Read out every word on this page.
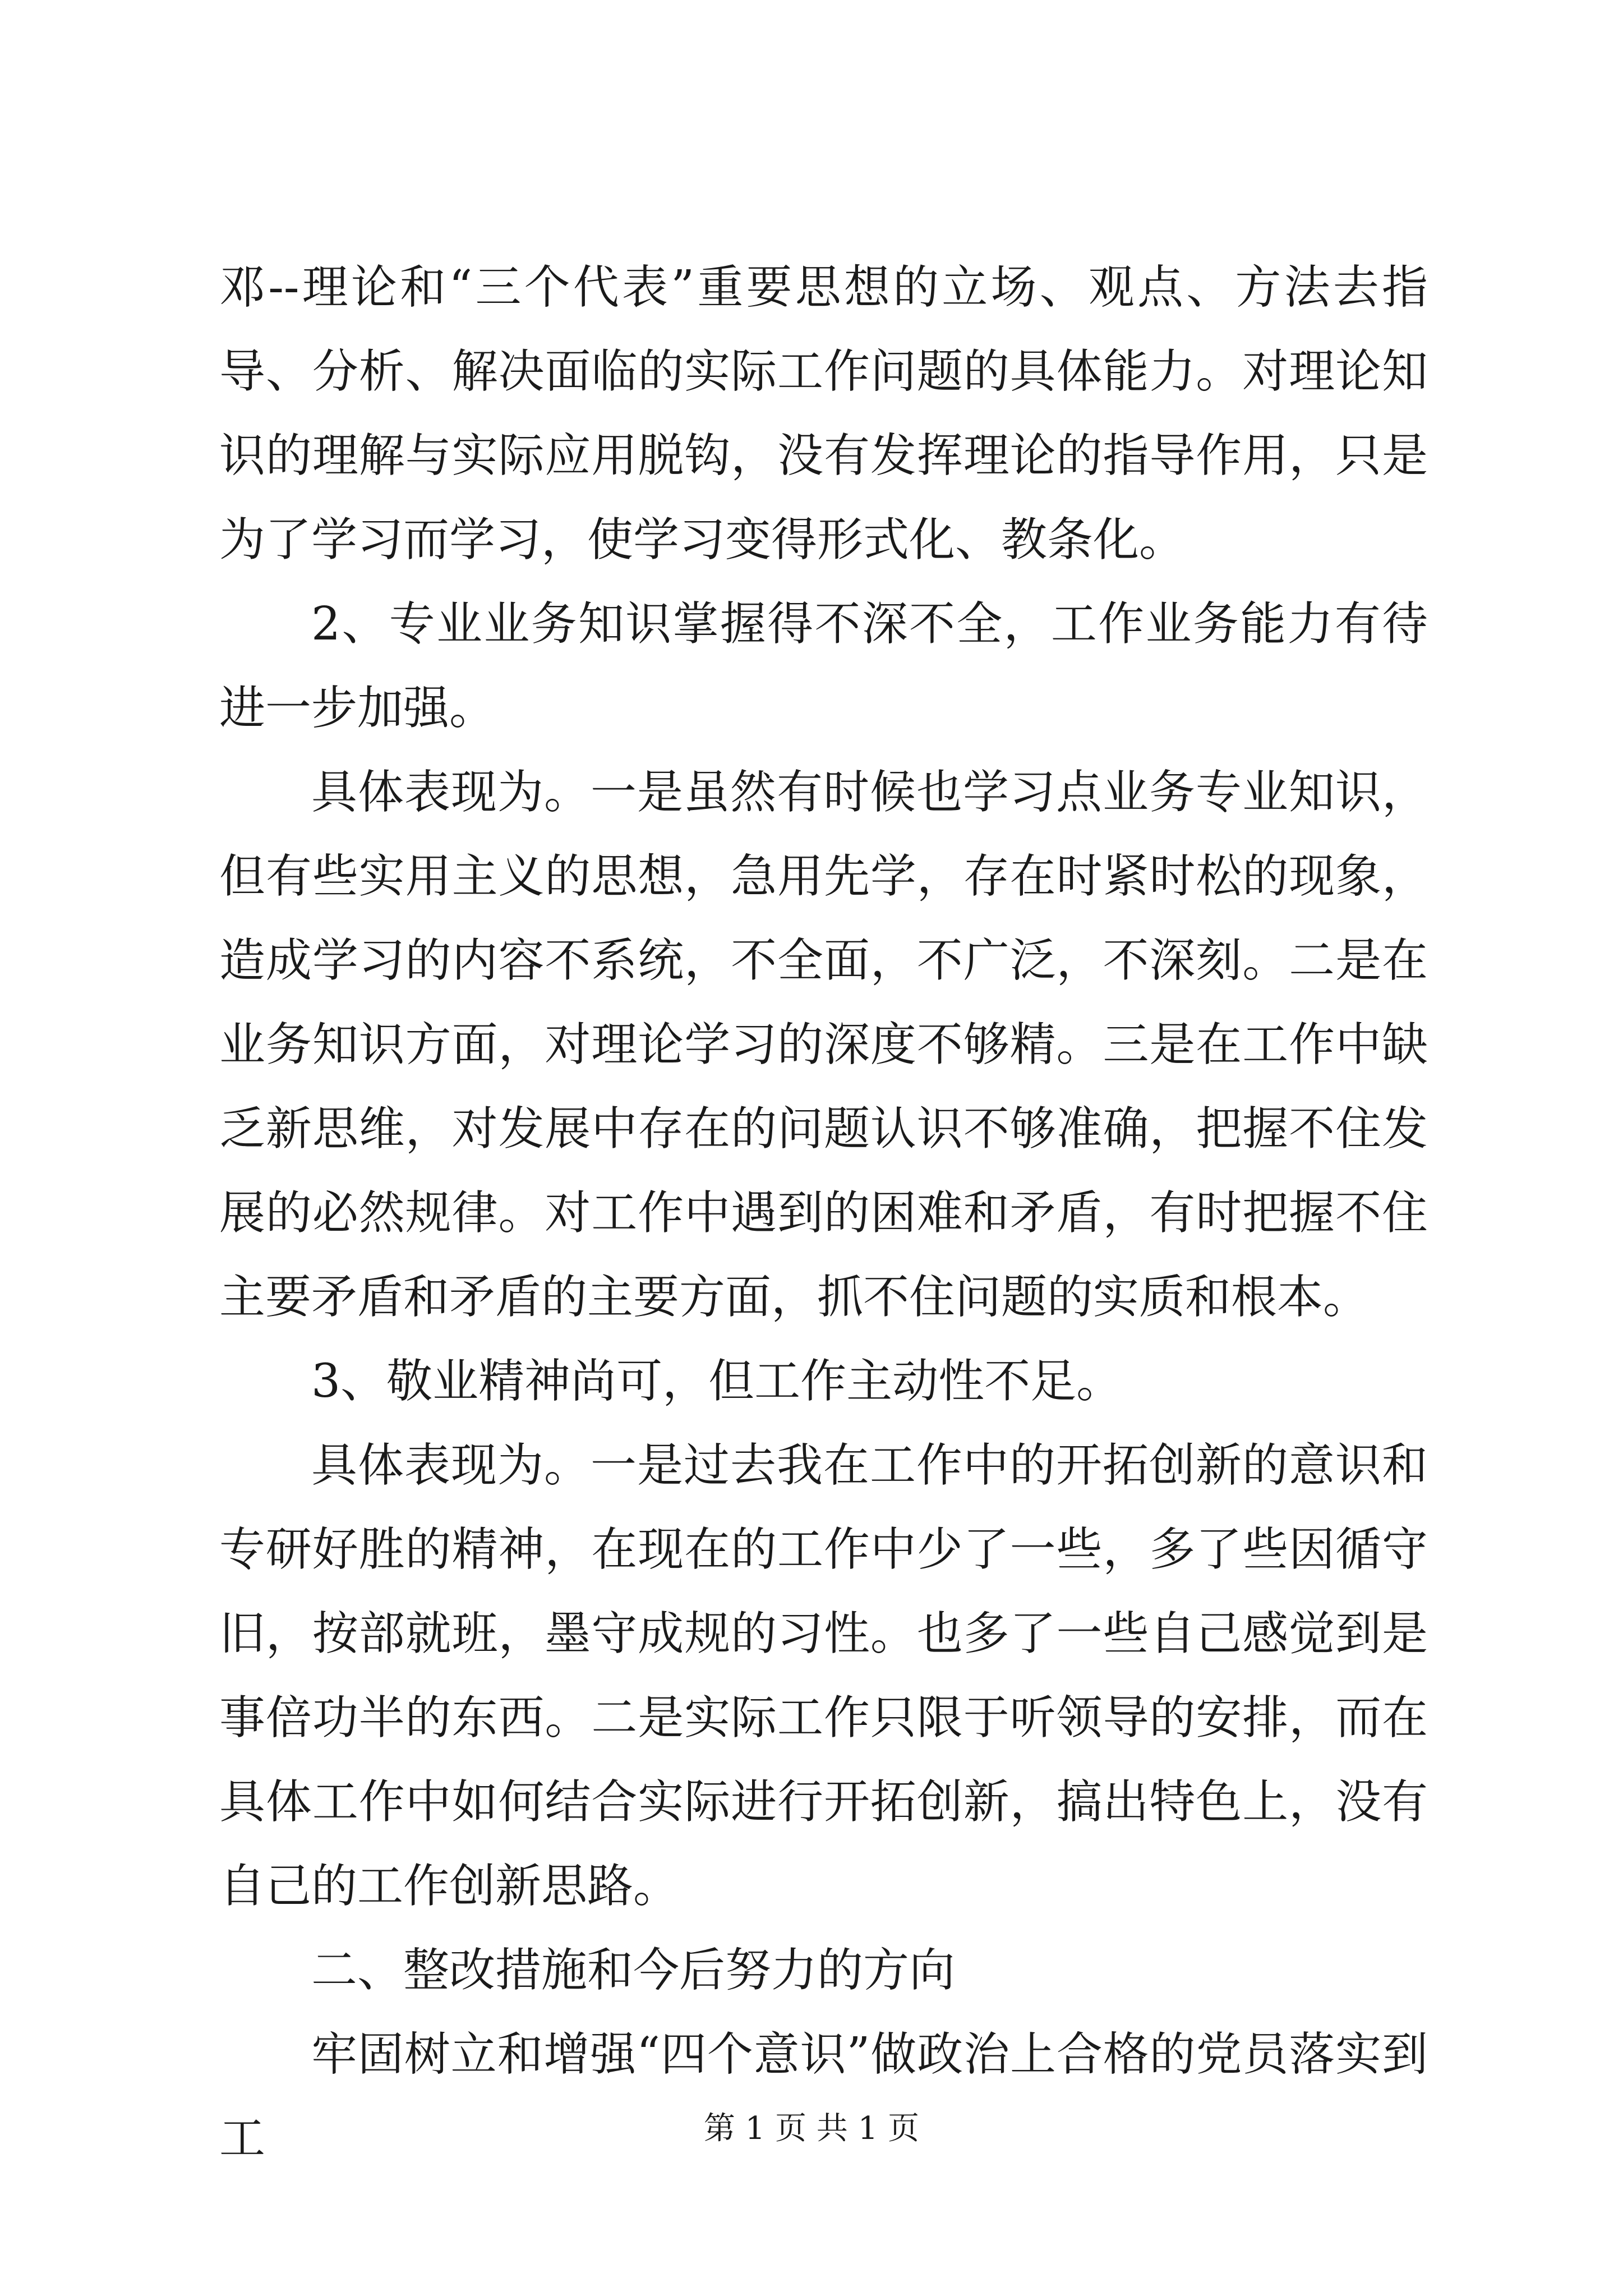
邓--理论和“三个代表”重要思想的立场、观点、方法去指导、分析、解决面临的实际工作问题的具体能力。对理论知识的理解与实际应用脱钩，没有发挥理论的指导作用，只是为了学习而学习，使学习变得形式化、教条化。

2、专业业务知识掌握得不深不全，工作业务能力有待进一步加强。

具体表现为。一是虽然有时候也学习点业务专业知识，但有些实用主义的思想，急用先学，存在时紧时松的现象，造成学习的内容不系统，不全面，不广泛，不深刻。二是在业务知识方面，对理论学习的深度不够精。三是在工作中缺乏新思维，对发展中存在的问题认识不够准确，把握不住发展的必然规律。对工作中遇到的困难和矛盾，有时把握不住主要矛盾和矛盾的主要方面，抓不住问题的实质和根本。

3、敬业精神尚可，但工作主动性不足。

具体表现为。一是过去我在工作中的开拓创新的意识和专研好胜的精神，在现在的工作中少了一些，多了些因循守旧，按部就班，墨守成规的习性。也多了一些自己感觉到是事倍功半的东西。二是实际工作只限于听领导的安排，而在具体工作中如何结合实际进行开拓创新，搞出特色上，没有自己的工作创新思路。

二、整改措施和今后努力的方向

牢固树立和增强“四个意识”做政治上合格的党员落实到工	第 1 页 共 1 页
